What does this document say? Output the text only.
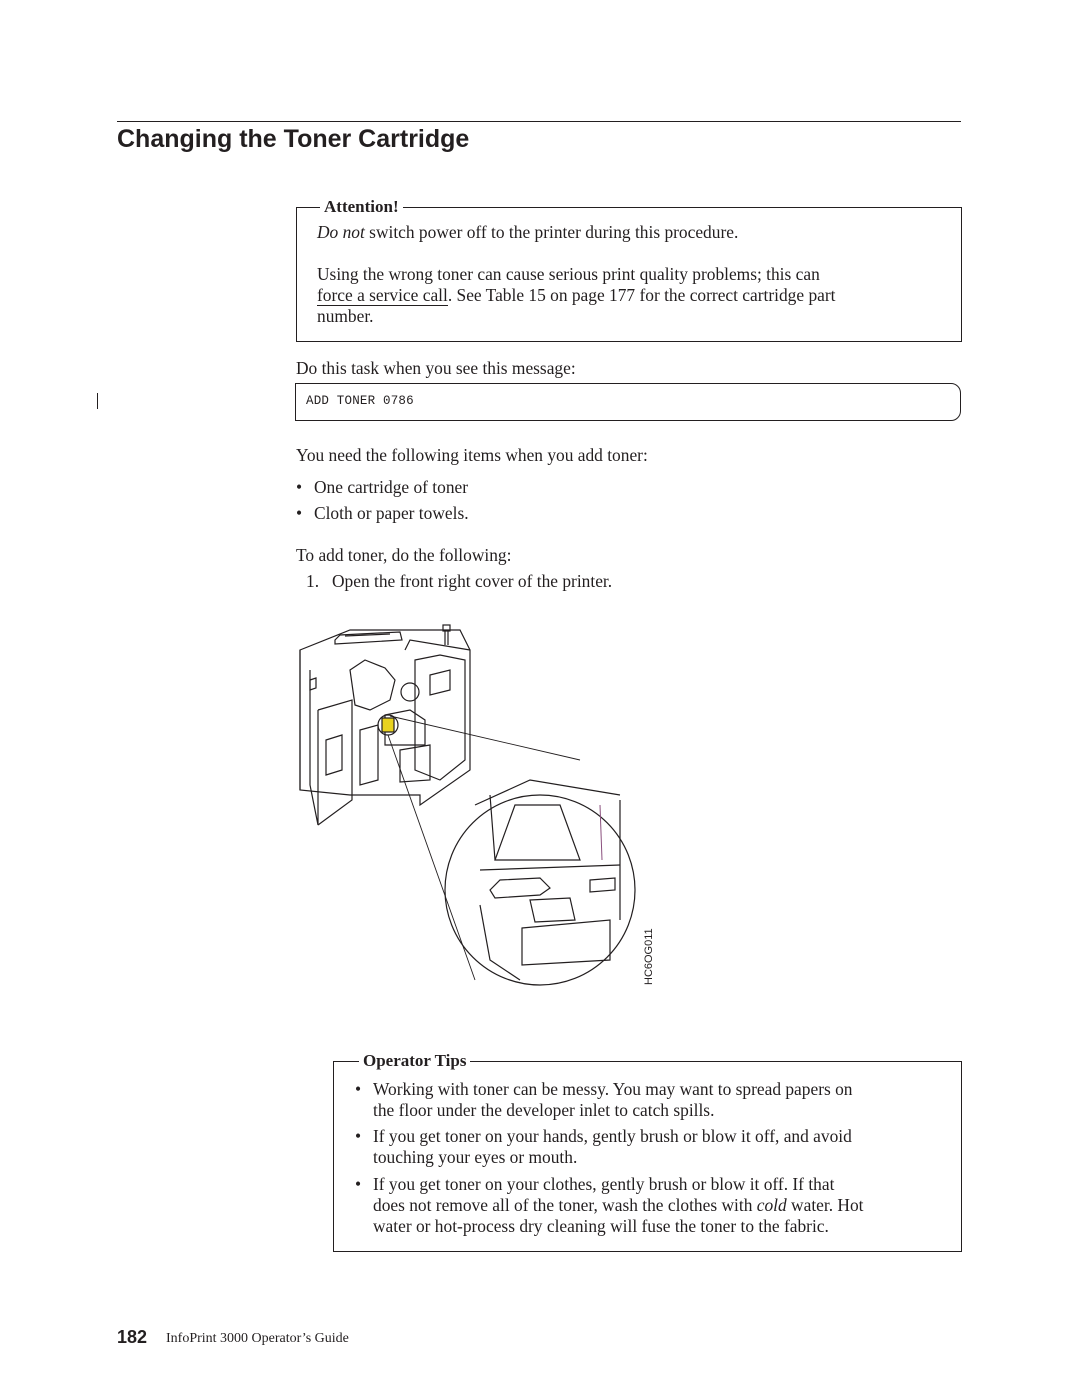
Changing the Toner Cartridge
Attention!
Do not switch power off to the printer during this procedure.
Using the wrong toner can cause serious print quality problems; this can
force a service call. See Table 15 on page 177 for the correct cartridge part
number.
Do this task when you see this message:
ADD TONER 0786
You need the following items when you add toner:
• One cartridge of toner
• Cloth or paper towels.
To add toner, do the following:
1. Open the front right cover of the printer.
HC6OG011
Operator Tips
• Working with toner can be messy. You may want to spread papers on
the floor under the developer inlet to catch spills.
• If you get toner on your hands, gently brush or blow it off, and avoid
touching your eyes or mouth.
• If you get toner on your clothes, gently brush or blow it off. If that
does not remove all of the toner, wash the clothes with cold water. Hot
water or hot-process dry cleaning will fuse the toner to the fabric.
182 InfoPrint 3000 Operator’s Guide
